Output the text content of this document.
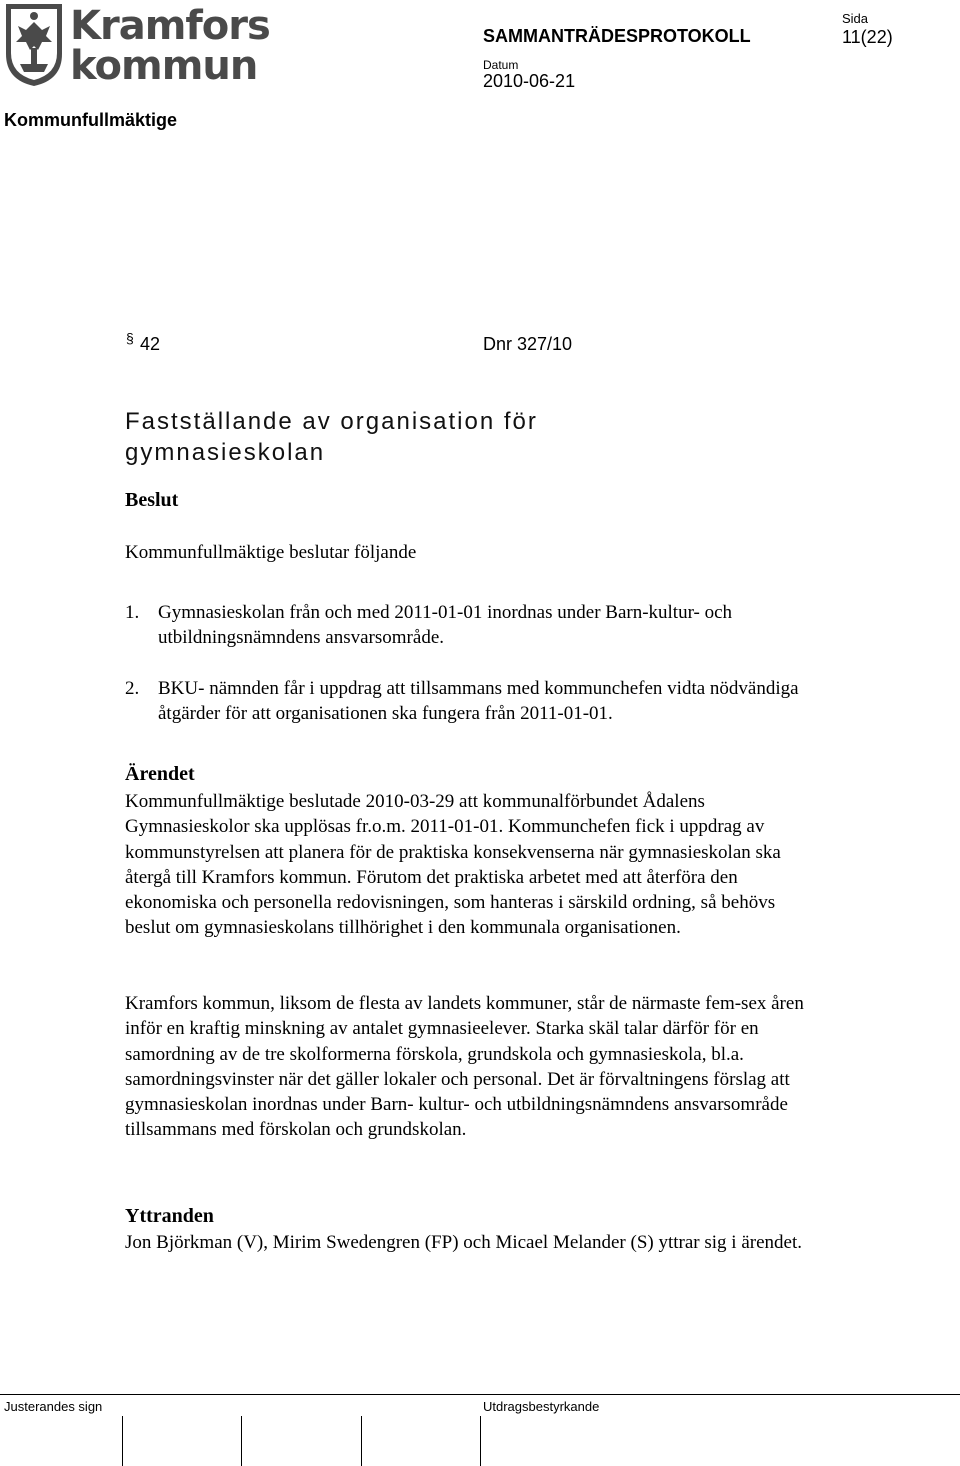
Kramfors
kommun
SAMMANTRÄDESPROTOKOLL
Sida
11(22)
Datum
2010-06-21
Kommunfullmäktige
§ 42	Dnr 327/10
Fastställande av organisation för gymnasieskolan
Beslut
Kommunfullmäktige beslutar följande
1. Gymnasieskolan från och med 2011-01-01 inordnas under Barn-kultur- och utbildningsnämndens ansvarsområde.
2. BKU- nämnden får i uppdrag att tillsammans med kommunchefen vidta nödvändiga åtgärder för att organisationen ska fungera från 2011-01-01.
Ärendet
Kommunfullmäktige beslutade 2010-03-29 att kommunalförbundet Ådalens Gymnasieskolor ska upplösas fr.o.m. 2011-01-01. Kommunchefen fick i uppdrag av kommunstyrelsen att planera för de praktiska konsekvenserna när gymnasieskolan ska återgå till Kramfors kommun. Förutom det praktiska arbetet med att återföra den ekonomiska och personella redovisningen, som hanteras i särskild ordning, så behövs beslut om gymnasieskolans tillhörighet i den kommunala organisationen.
Kramfors kommun, liksom de flesta av landets kommuner, står de närmaste fem-sex åren inför en kraftig minskning av antalet gymnasieelever. Starka skäl talar därför för en samordning av de tre skolformerna förskola, grundskola och gymnasieskola, bl.a. samordningsvinster när det gäller lokaler och personal. Det är förvaltningens förslag att gymnasieskolan inordnas under Barn- kultur- och utbildningsnämndens ansvarsområde tillsammans med förskolan och grundskolan.
Yttranden
Jon Björkman (V), Mirim Swedengren (FP) och Micael Melander (S) yttrar sig i ärendet.
Justerandes sign	Utdragsbestyrkande
